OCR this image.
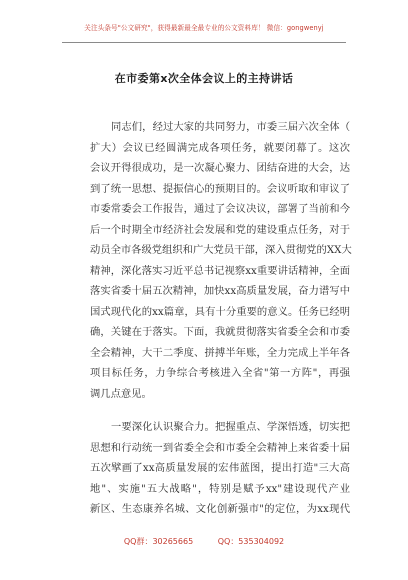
关注头条号"公文研究"，获得最新最全最专业的公文资料库！ 微信：gongwenyj
在市委第x次全体会议上的主持讲话
同志们，经过大家的共同努力，市委三届六次全体（
扩大）会议已经圆满完成各项任务，就要闭幕了。这次
会议开得很成功，是一次凝心聚力、团结奋进的大会，达
到了统一思想、提振信心的预期目的。会议听取和审议了
市委常委会工作报告，通过了会议决议，部署了当前和今
后一个时期全市经济社会发展和党的建设重点任务，对于
动员全市各级党组织和广大党员干部，深入贯彻党的XX大
精神，深化落实习近平总书记视察xx重要讲话精神，全面
落实省委十届五次精神，加快xx高质量发展，奋力谱写中
国式现代化的xx篇章，具有十分重要的意义。任务已经明
确，关键在于落实。下面，我就贯彻落实省委全会和市委
全会精神，大干二季度、拼搏半年账，全力完成上半年各
项目标任务，力争综合考核进入全省"第一方阵"，再强
调几点意见。
一要深化认识聚合力。把握重点、学深悟透，切实把
思想和行动统一到省委全会和市委全会精神上来省委十届
五次擘画了xx高质量发展的宏伟蓝图，提出打造"三大高
地"、实施"五大战略"，特别是赋予xx"建设现代产业
新区、生态康养名城、文化创新强市"的定位，为xx现代
QQ群：30265665	QQ：535304092
